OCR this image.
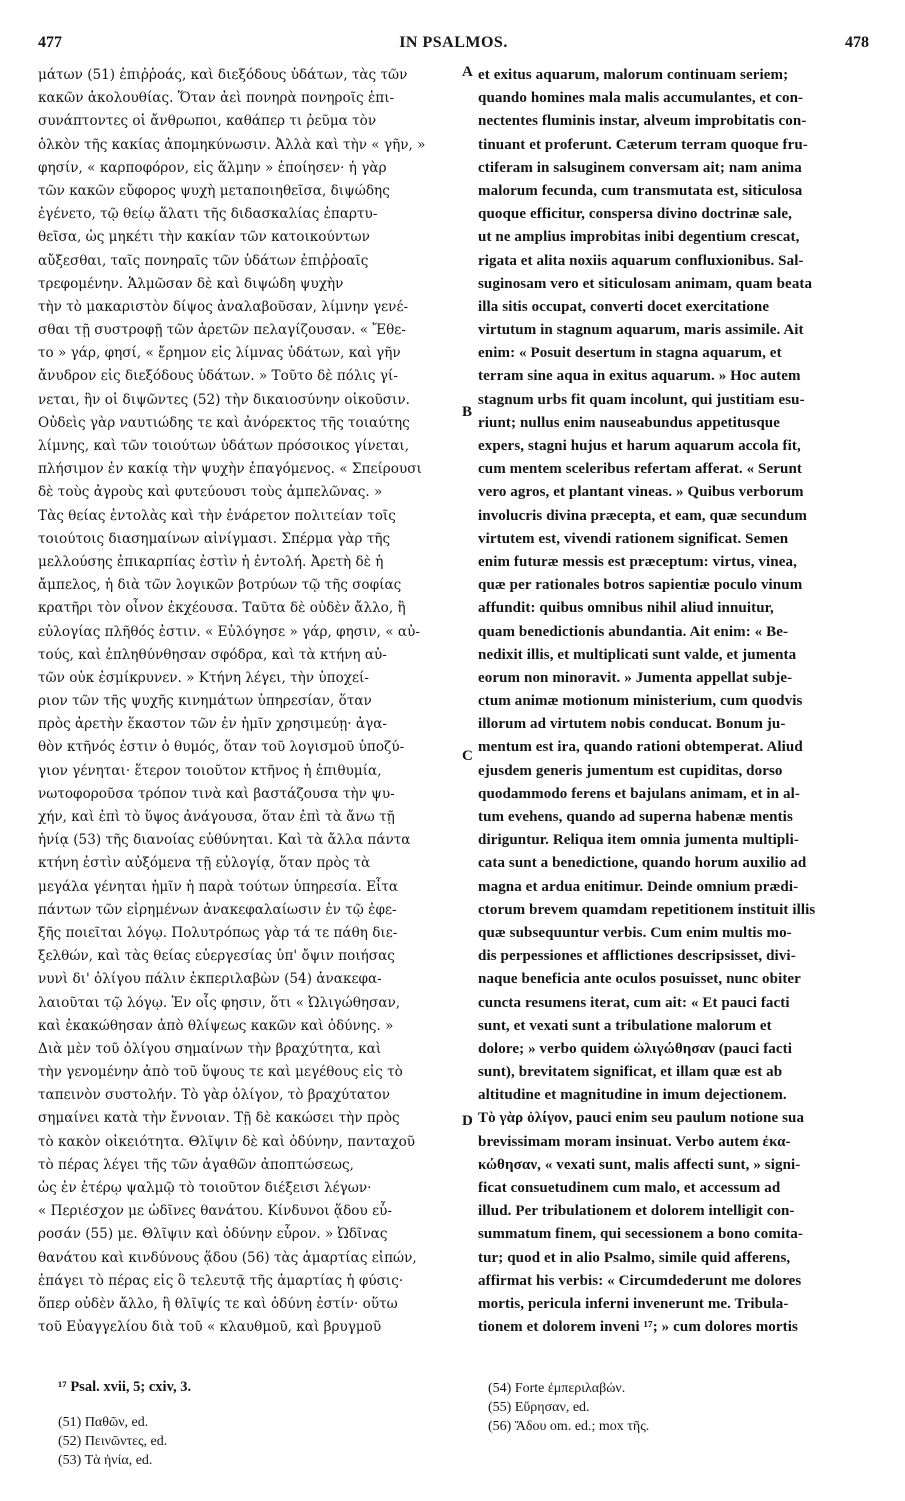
477	IN PSALMOS.	478
μάτων (51) ἐπιῤῥοάς, καὶ διεξόδους ὑδάτων, τὰς τῶν
κακῶν ἀκολουθίας. Ὅταν ἀεὶ πονηρὰ πονηροῖς ἐπι-
συνάπτοντες οἱ ἄνθρωποι, καθάπερ τι ῥεῦμα τὸν
ὁλκὸν τῆς κακίας ἀπομηκύνωσιν. Ἀλλὰ καὶ τὴν « γῆν, »
φησίν, « καρποφόρον, εἰς ἅλμην » ἐποίησεν· ἡ γὰρ
τῶν κακῶν εὔφορος ψυχὴ μεταποιηθεῖσα, διψώδης
ἐγένετο, τῷ θείῳ ἅλατι τῆς διδασκαλίας ἐπαρτυ-
θεῖσα, ὡς μηκέτι τὴν κακίαν τῶν κατοικούντων
αὔξεσθαι, ταῖς πονηραῖς τῶν ὑδάτων ἐπιῤῥοαῖς
τρεφομένην. Ἁλμῶσαν δὲ καὶ διψώδη ψυχὴν
τὴν τὸ μακαριστὸν δίψος ἀναλαβοῦσαν, λίμνην γενέ-
σθαι τῇ συστροφῇ τῶν ἀρετῶν πελαγίζουσαν. « Ἔθε-
το » γάρ, φησί, « ἔρημον εἰς λίμνας ὑδάτων, καὶ γῆν
ἄνυδρον εἰς διεξόδους ὑδάτων. » Τοῦτο δὲ πόλις γί-
νεται, ἣν οἱ διψῶντες (52) τὴν δικαιοσύνην οἰκοῦσιν.
Οὐδεὶς γὰρ ναυτιώδης τε καὶ ἀνόρεκτος τῆς τοιαύτης
λίμνης, καὶ τῶν τοιούτων ὑδάτων πρόσοικος γίνεται,
πλήσιμον ἐν κακίᾳ τὴν ψυχὴν ἐπαγόμενος. « Σπείρουσι
δὲ τοὺς ἀγροὺς καὶ φυτεύουσι τοὺς ἀμπελῶνας. »
Τὰς θείας ἐντολὰς καὶ τὴν ἐνάρετον πολιτείαν τοῖς
τοιούτοις διασημαίνων αἰνίγμασι. Σπέρμα γὰρ τῆς
μελλούσης ἐπικαρπίας ἐστὶν ἡ ἐντολή. Ἀρετὴ δὲ ἡ
ἄμπελος, ἡ διὰ τῶν λογικῶν βοτρύων τῷ τῆς σοφίας
κρατῆρι τὸν οἶνον ἐκχέουσα. Ταῦτα δὲ οὐδὲν ἄλλο, ἢ
εὐλογίας πλῆθός ἐστιν. « Εὐλόγησε » γάρ, φησιν, « αὐ-
τούς, καὶ ἐπληθύνθησαν σφόδρα, καὶ τὰ κτήνη αὐ-
τῶν οὐκ ἐσμίκρυνεν. » Κτήνη λέγει, τὴν ὑποχεί-
ριον τῶν τῆς ψυχῆς κινημάτων ὑπηρεσίαν, ὅταν
πρὸς ἀρετὴν ἕκαστον τῶν ἐν ἡμῖν χρησιμεύῃ· ἀγα-
θὸν κτῆνός ἐστιν ὁ θυμός, ὅταν τοῦ λογισμοῦ ὑποζύ-
γιον γένηται· ἕτερον τοιοῦτον κτῆνος ἡ ἐπιθυμία,
νωτοφοροῦσα τρόπον τινὰ καὶ βαστάζουσα τὴν ψυ-
χήν, καὶ ἐπὶ τὸ ὕψος ἀνάγουσα, ὅταν ἐπὶ τὰ ἄνω τῇ
ἡνίᾳ (53) τῆς διανοίας εὐθύνηται. Καὶ τὰ ἄλλα πάντα
κτήνη ἐστὶν αὐξόμενα τῇ εὐλογίᾳ, ὅταν πρὸς τὰ
μεγάλα γένηται ἡμῖν ἡ παρὰ τούτων ὑπηρεσία. Εἶτα
πάντων τῶν εἰρημένων ἀνακεφαλαίωσιν ἐν τῷ ἐφε-
ξῆς ποιεῖται λόγῳ. Πολυτρόπως γὰρ τά τε πάθη διε-
ξελθών, καὶ τὰς θείας εὐεργεσίας ὑπ' ὄψιν ποιήσας
νυνὶ δι' ὀλίγου πάλιν ἐκπεριλαβὼν (54) ἀνακεφα-
λαιοῦται τῷ λόγῳ. Ἐν οἷς φησιν, ὅτι « Ὠλιγώθησαν,
καὶ ἐκακώθησαν ἀπὸ θλίψεως κακῶν καὶ ὀδύνης. »
Διὰ μὲν τοῦ ὀλίγου σημαίνων τὴν βραχύτητα, καὶ
τὴν γενομένην ἀπὸ τοῦ ὕψους τε καὶ μεγέθους εἰς τὸ
ταπεινὸν συστολήν. Τὸ γὰρ ὀλίγον, τὸ βραχύτατον
σημαίνει κατὰ τὴν ἔννοιαν. Τῇ δὲ κακώσει τὴν πρὸς
τὸ κακὸν οἰκειότητα. Θλῖψιν δὲ καὶ ὀδύνην, πανταχοῦ
τὸ πέρας λέγει τῆς τῶν ἀγαθῶν ἀποπτώσεως,
ὡς ἐν ἑτέρῳ ψαλμῷ τὸ τοιοῦτον διέξεισι λέγων·
« Περιέσχον με ὠδῖνες θανάτου. Κίνδυνοι ᾅδου εὗ-
ροσάν (55) με. Θλῖψιν καὶ ὀδύνην εὗρον. » Ὠδῖνας
θανάτου καὶ κινδύνους ᾅδου (56) τὰς ἁμαρτίας εἰπών,
ἐπάγει τὸ πέρας εἰς ὃ τελευτᾷ τῆς ἁμαρτίας ἡ φύσις·
ὅπερ οὐδὲν ἄλλο, ἢ θλῖψίς τε καὶ ὀδύνη ἐστίν· οὕτω
τοῦ Εὐαγγελίου διὰ τοῦ « κλαυθμοῦ, καὶ βρυγμοῦ
et exitus aquarum, malorum continuam seriem;
quando homines mala malis accumulantes, et con-
nectentes fluminis instar, alveum improbitatis con-
tinuant et proferunt. Cæterum terram quoque fru-
ctiferam in salsuginem conversam ait; nam anima
malorum fecunda, cum transmutata est, siticulosa
quoque efficitur, conspersa divino doctrinæ sale,
ut ne amplius improbitas inibi degentium crescat,
rigata et alita noxiis aquarum confluxionibus. Sal-
suginosam vero et siticulosam animam, quam beata
illa sitis occupat, converti docet exercitatione
virtutum in stagnum aquarum, maris assimile. Ait
enim: « Posuit desertum in stagna aquarum, et
terram sine aqua in exitus aquarum. » Hoc autem
stagnum urbs fit quam incolunt, qui justitiam esu-
riunt; nullus enim nauseabundus appetitusque
expers, stagni hujus et harum aquarum accola fit,
cum mentem sceleribus refertam afferat. « Serunt
vero agros, et plantant vineas. » Quibus verborum
involucris divina præcepta, et eam, quæ secundum
virtutem est, vivendi rationem significat. Semen
enim futuræ messis est præceptum: virtus, vinea,
quæ per rationales botros sapientiæ poculo vinum
affundit: quibus omnibus nihil aliud innuitur,
quam benedictionis abundantia. Ait enim: « Be-
nedixit illis, et multiplicati sunt valde, et jumenta
eorum non minoravit. » Jumenta appellat subje-
ctum animæ motionum ministerium, cum quodvis
illorum ad virtutem nobis conducat. Bonum ju-
mentum est ira, quando rationi obtemperat. Aliud
ejusdem generis jumentum est cupiditas, dorso
quodammodo ferens et bajulans animam, et in al-
tum evehens, quando ad superna habenæ mentis
diriguntur. Reliqua item omnia jumenta multipli-
cata sunt a benedictione, quando horum auxilio ad
magna et ardua enitimur. Deinde omnium prædi-
ctorum brevem quamdam repetitionem instituit illis
quæ subsequuntur verbis. Cum enim multis mo-
dis perpessiones et afflictiones descripsisset, divi-
naque beneficia ante oculos posuisset, nunc obiter
cuncta resumens iterat, cum ait: « Et pauci facti
sunt, et vexati sunt a tribulatione malorum et
dolore; » verbo quidem ὠλιγώθησαν (pauci facti
sunt), brevitatem significat, et illam quæ est ab
altitudine et magnitudine in imum dejectionem.
Τὸ γὰρ ὀλίγον, pauci enim seu paulum notione sua
brevissimam moram insinuat. Verbo autem ἐκα-
κώθησαν, « vexati sunt, malis affecti sunt, » signi-
ficat consuetudinem cum malo, et accessum ad
illud. Per tribulationem et dolorem intelligit con-
summatum finem, qui secessionem a bono comita-
tur; quod et in alio Psalmo, simile quid afferens,
affirmat his verbis: « Circumdederunt me dolores
mortis, pericula inferni invenerunt me. Tribula-
tionem et dolorem inveni ¹⁷; » cum dolores mortis
A
B
C
D
¹⁷ Psal. xvii, 5; cxiv, 3.
(51) Παθῶν, ed.
(52) Πεινῶντες, ed.
(53) Τὰ ἡνία, ed.
(54) Forte ἐμπεριλαβών.
(55) Εὕρησαν, ed.
(56) Ἅδου om. ed.; mox τῆς.
